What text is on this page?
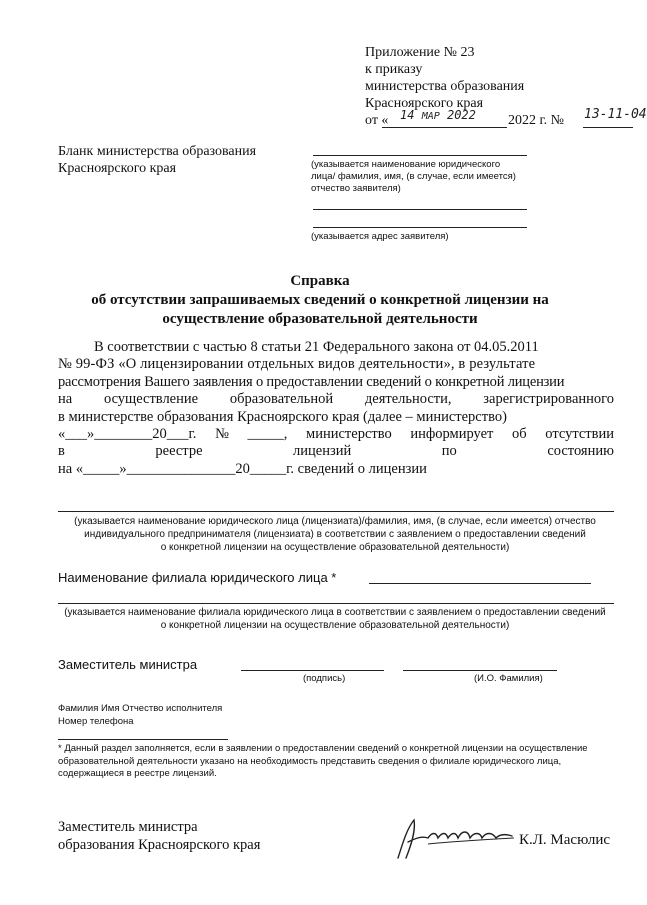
Приложение № 23
к приказу
министерства образования
Красноярского края
от « 14 МАР 2022 2022 г. № 13-11-04
Бланк министерства образования
Красноярского края	(указывается наименование юридического
лица/ фамилия, имя, (в случае, если имеется)
отчество заявителя)
(указывается адрес заявителя)
Справка
об отсутствии запрашиваемых сведений о конкретной лицензии на
осуществление образовательной деятельности
В соответствии с частью 8 статьи 21 Федерального закона от 04.05.2011
№ 99-ФЗ «О лицензировании отдельных видов деятельности», в результате
рассмотрения Вашего заявления о предоставлении сведений о конкретной лицензии
на осуществление образовательной деятельности, зарегистрированного
в министерстве образования Красноярского края (далее – министерство)
«___»________20___г. № _____, министерство информирует об отсутствии
в	реестре	лицензий	по	состоянию
на «_____»_______________20_____г. сведений о лицензии
(указывается наименование юридического лица (лицензиата)/фамилия, имя, (в случае, если имеется) отчество
индивидуального предпринимателя (лицензиата) в соответствии с заявлением о предоставлении сведений
о конкретной лицензии на осуществление образовательной деятельности)
Наименование филиала юридического лица *
(указывается наименование филиала юридического лица в соответствии с заявлением о предоставлении сведений
о конкретной лицензии на осуществление образовательной деятельности)
Заместитель министра
(подпись)	(И.О. Фамилия)
Фамилия Имя Отчество исполнителя
Номер телефона
* Данный раздел заполняется, если в заявлении о предоставлении сведений о конкретной лицензии на осуществление
образовательной деятельности указано на необходимость представить сведения о филиале юридического лица,
содержащиеся в реестре лицензий.
Заместитель министра
образования Красноярского края	К.Л. Масюлис
